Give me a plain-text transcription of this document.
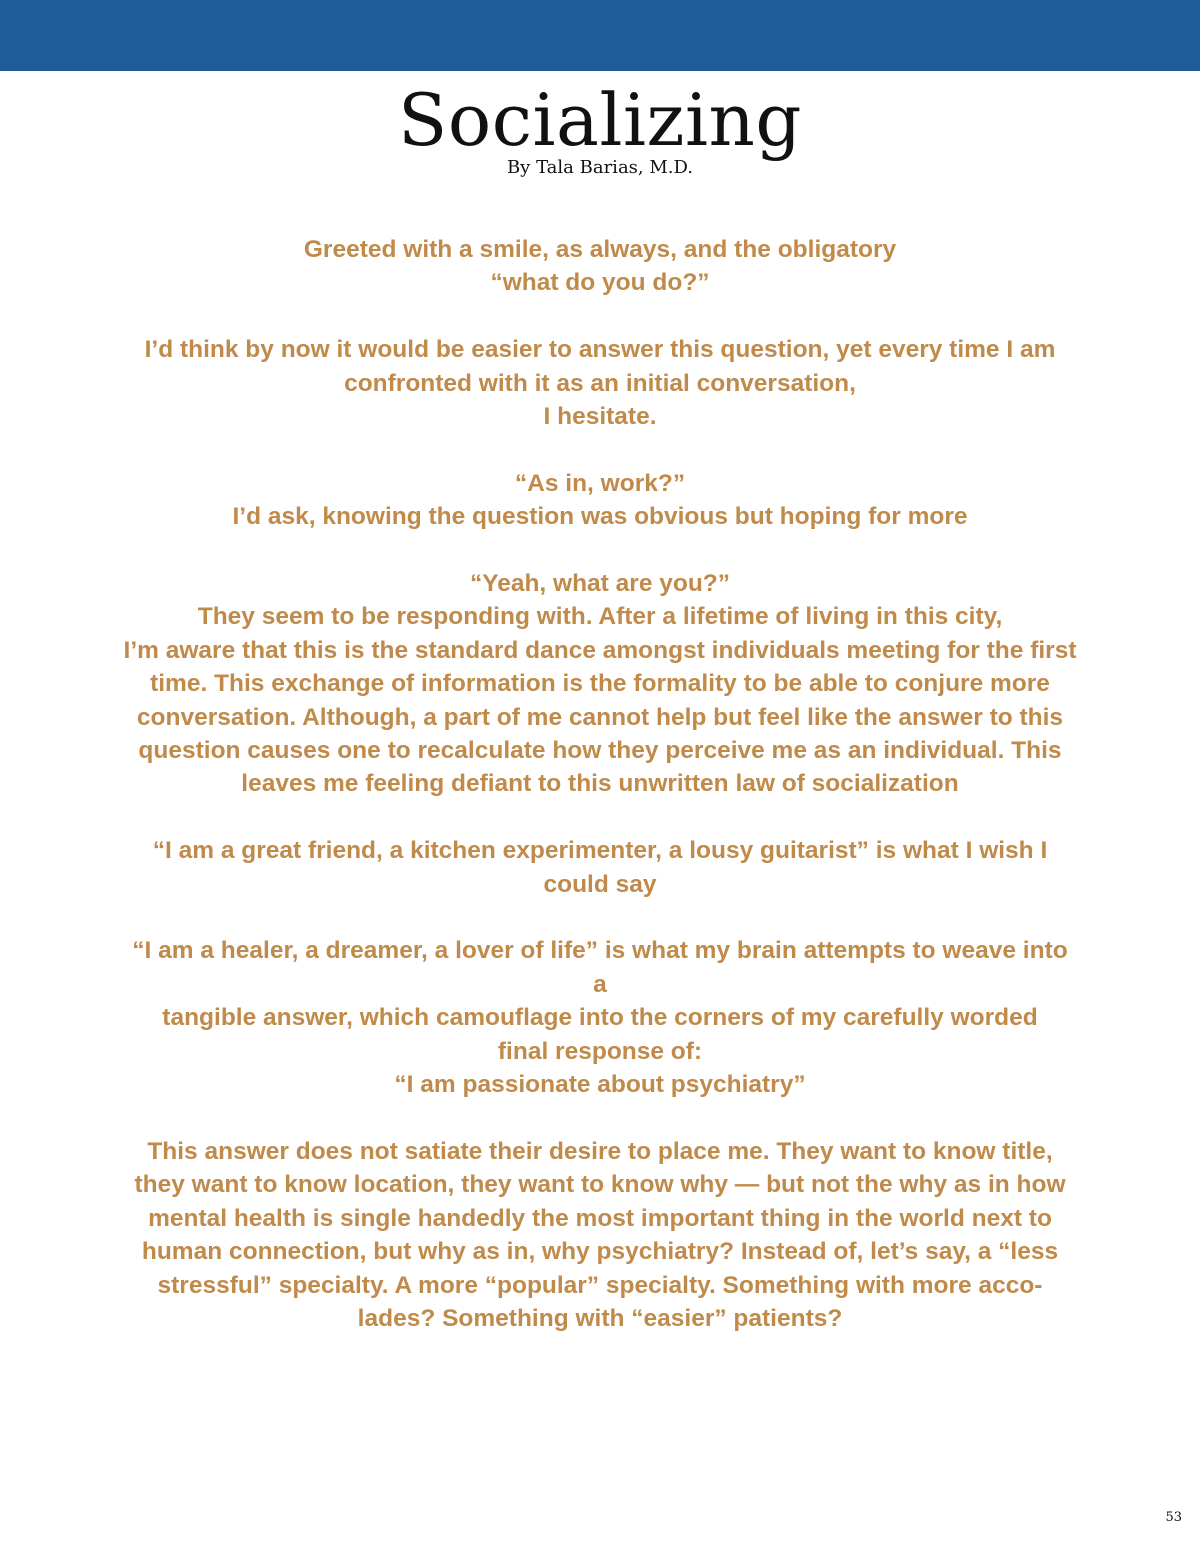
Socializing
By Tala Barias, M.D.
Greeted with a smile, as always, and the obligatory
“what do you do?”
I’d think by now it would be easier to answer this question, yet every time I am
confronted with it as an initial conversation,
I hesitate.
“As in, work?”
I’d ask, knowing the question was obvious but hoping for more
“Yeah, what are you?”
They seem to be responding with. After a lifetime of living in this city,
I’m aware that this is the standard dance amongst individuals meeting for the first
time. This exchange of information is the formality to be able to conjure more
conversation. Although, a part of me cannot help but feel like the answer to this
question causes one to recalculate how they perceive me as an individual. This
leaves me feeling defiant to this unwritten law of socialization
“I am a great friend, a kitchen experimenter, a lousy guitarist” is what I wish I
could say
“I am a healer, a dreamer, a lover of life” is what my brain attempts to weave into
a
tangible answer, which camouflage into the corners of my carefully worded
final response of:
“I am passionate about psychiatry”
This answer does not satiate their desire to place me. They want to know title,
they want to know location, they want to know why — but not the why as in how
mental health is single handedly the most important thing in the world next to
human connection, but why as in, why psychiatry? Instead of, let’s say, a “less
stressful” specialty. A more “popular” specialty. Something with more acco-
lades? Something with “easier” patients?
53
